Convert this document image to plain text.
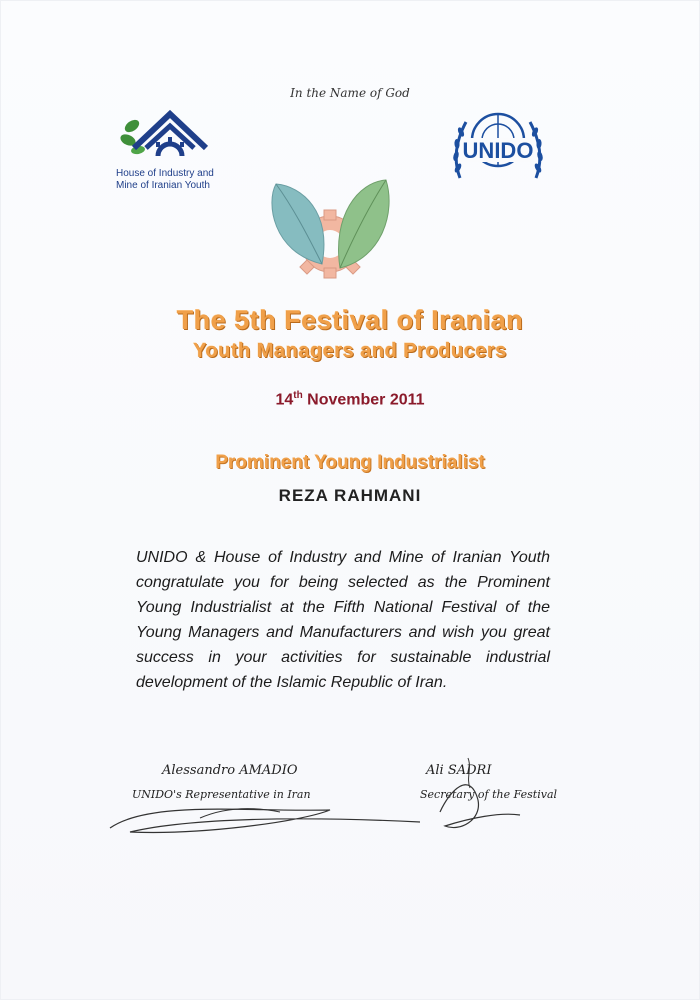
In the Name of God
House of Industry and
Mine of Iranian Youth
UNIDO
The 5th Festival of Iranian
Youth Managers and Producers
14th November 2011
Prominent Young Industrialist
REZA RAHMANI
UNIDO & House of Industry and Mine of Iranian Youth congratulate you for being selected as the Prominent Young Industrialist at the Fifth National Festival of the Young Managers and Manufacturers and wish you great success in your activities for sustainable industrial development of the Islamic Republic of Iran.
Alessandro AMADIO
UNIDO's Representative in Iran
Ali SADRI
Secretary of the Festival
